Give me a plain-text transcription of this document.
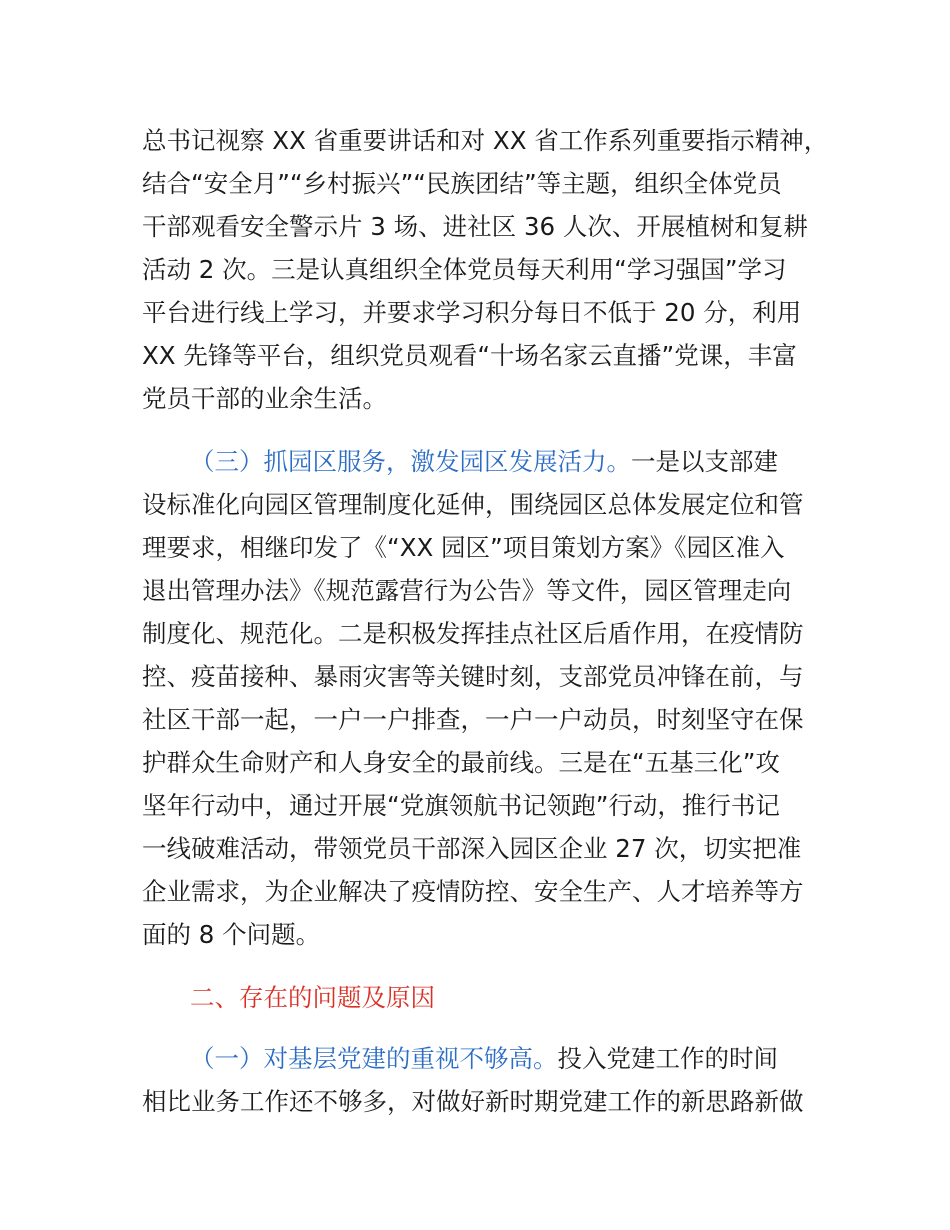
总书记视察 XX 省重要讲话和对 XX 省工作系列重要指示精神，
结合“安全月”“乡村振兴”“民族团结”等主题，组织全体党员
干部观看安全警示片 3 场、进社区 36 人次、开展植树和复耕
活动 2 次。三是认真组织全体党员每天利用“学习强国”学习
平台进行线上学习，并要求学习积分每日不低于 20 分，利用
XX 先锋等平台，组织党员观看“十场名家云直播”党课，丰富
党员干部的业余生活。
（三）抓园区服务，激发园区发展活力。一是以支部建
设标准化向园区管理制度化延伸，围绕园区总体发展定位和管
理要求，相继印发了《“XX 园区”项目策划方案》《园区准入
退出管理办法》《规范露营行为公告》等文件，园区管理走向
制度化、规范化。二是积极发挥挂点社区后盾作用，在疫情防
控、疫苗接种、暴雨灾害等关键时刻，支部党员冲锋在前，与
社区干部一起，一户一户排查，一户一户动员，时刻坚守在保
护群众生命财产和人身安全的最前线。三是在“五基三化”攻
坚年行动中，通过开展“党旗领航书记领跑”行动，推行书记
一线破难活动，带领党员干部深入园区企业 27 次，切实把准
企业需求，为企业解决了疫情防控、安全生产、人才培养等方
面的 8 个问题。
二、存在的问题及原因
（一）对基层党建的重视不够高。投入党建工作的时间
相比业务工作还不够多，对做好新时期党建工作的新思路新做
